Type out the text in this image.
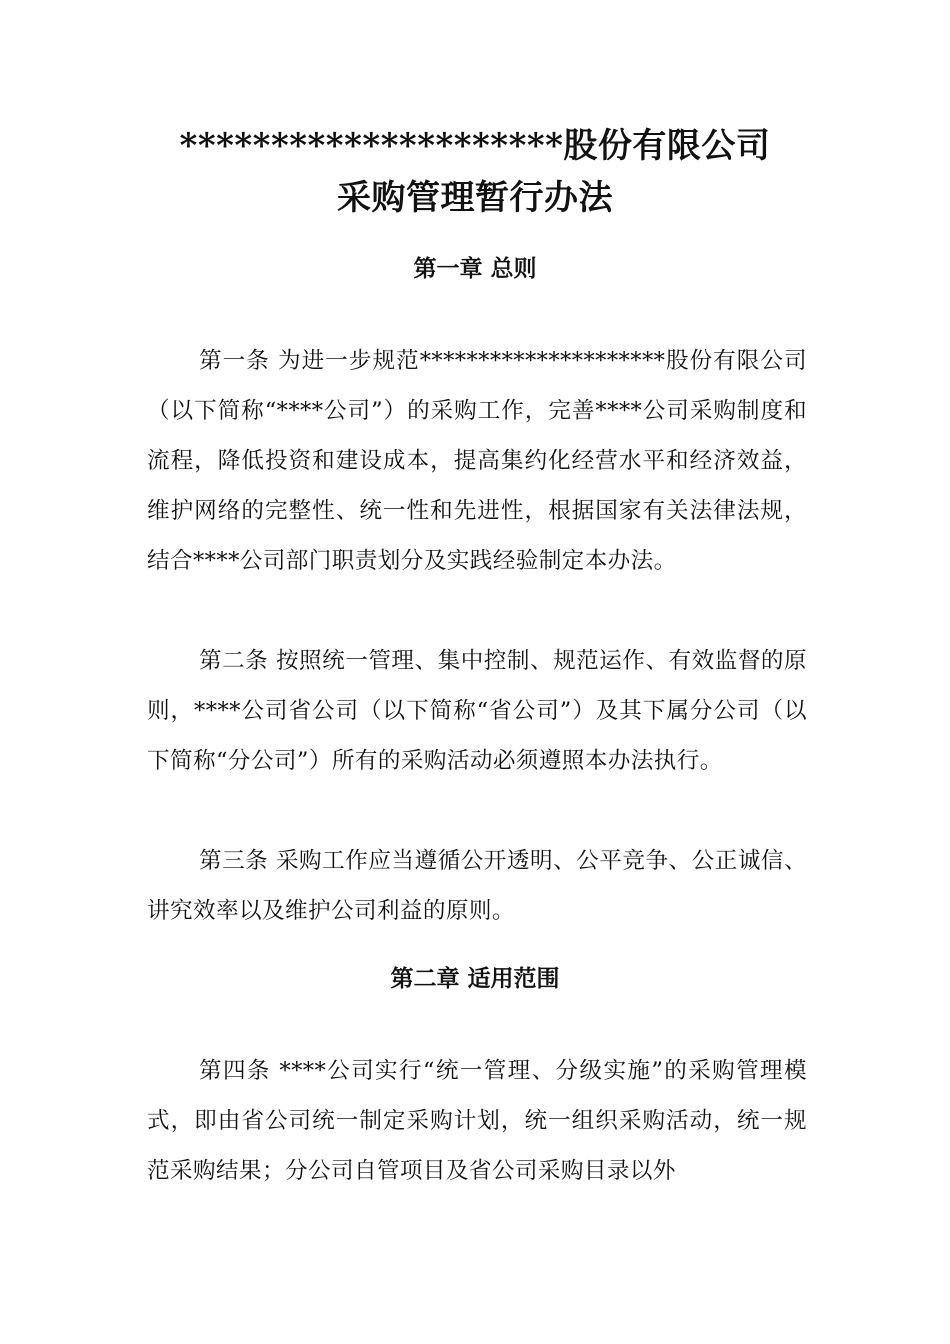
*********************股份有限公司
采购管理暂行办法
第一章 总则

第一条 为进一步规范*********************股份有限公司（以下简称“****公司”）的采购工作，完善****公司采购制度和流程，降低投资和建设成本，提高集约化经营水平和经济效益，维护网络的完整性、统一性和先进性，根据国家有关法律法规，结合****公司部门职责划分及实践经验制定本办法。

第二条 按照统一管理、集中控制、规范运作、有效监督的原则，****公司省公司（以下简称“省公司”）及其下属分公司（以下简称“分公司”）所有的采购活动必须遵照本办法执行。

第三条 采购工作应当遵循公开透明、公平竞争、公正诚信、讲究效率以及维护公司利益的原则。

第二章 适用范围

第四条 ****公司实行“统一管理、分级实施”的采购管理模式，即由省公司统一制定采购计划，统一组织采购活动，统一规范采购结果；分公司自管项目及省公司采购目录以外
